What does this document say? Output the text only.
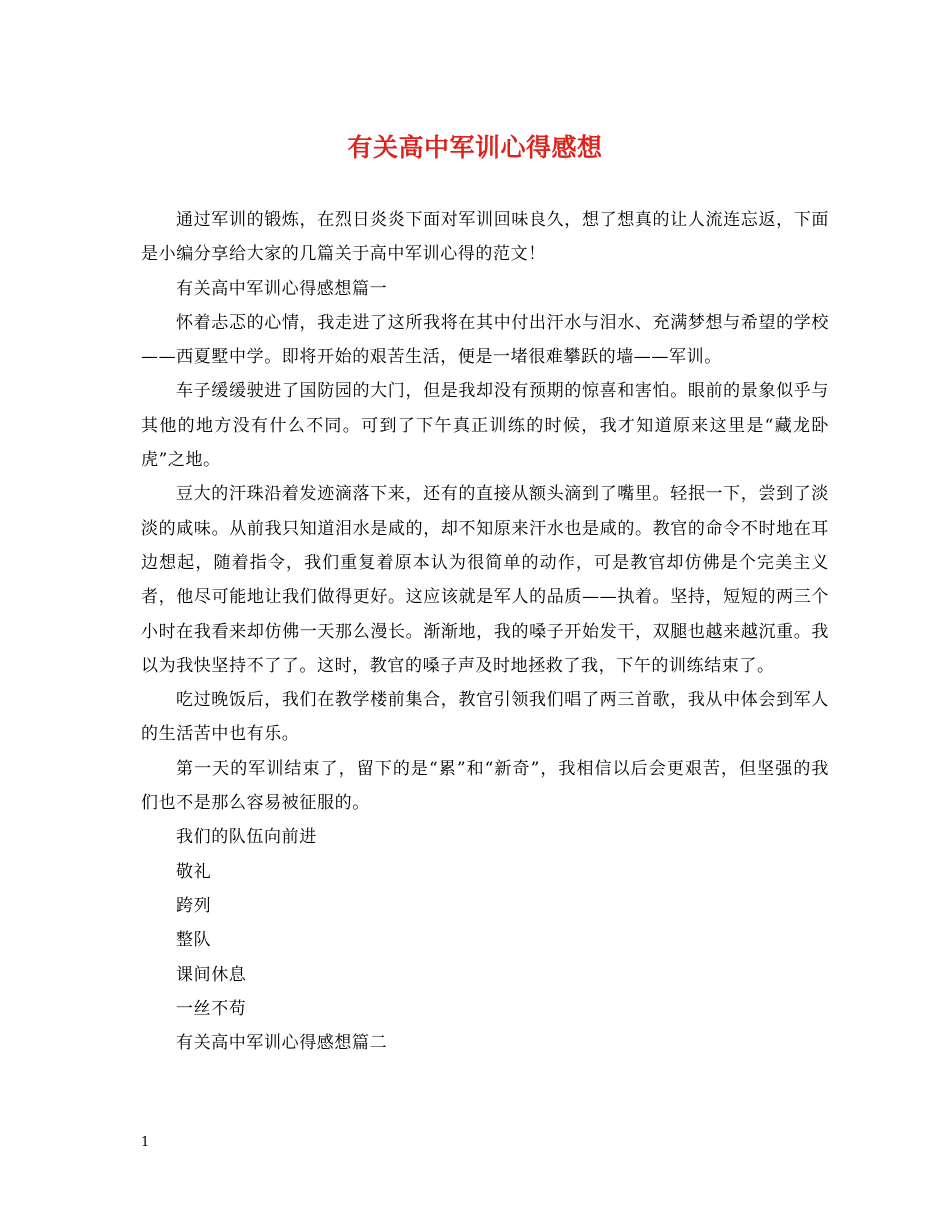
有关高中军训心得感想

通过军训的锻炼，在烈日炎炎下面对军训回味良久，想了想真的让人流连忘返，下面是小编分享给大家的几篇关于高中军训心得的范文！

有关高中军训心得感想篇一

怀着忐忑的心情，我走进了这所我将在其中付出汗水与泪水、充满梦想与希望的学校——西夏墅中学。即将开始的艰苦生活，便是一堵很难攀跃的墙——军训。

车子缓缓驶进了国防园的大门，但是我却没有预期的惊喜和害怕。眼前的景象似乎与其他的地方没有什么不同。可到了下午真正训练的时候，我才知道原来这里是“藏龙卧虎”之地。

豆大的汗珠沿着发迹滴落下来，还有的直接从额头滴到了嘴里。轻抿一下，尝到了淡淡的咸味。从前我只知道泪水是咸的，却不知原来汗水也是咸的。教官的命令不时地在耳边想起，随着指令，我们重复着原本认为很简单的动作，可是教官却仿佛是个完美主义者，他尽可能地让我们做得更好。这应该就是军人的品质——执着。坚持，短短的两三个小时在我看来却仿佛一天那么漫长。渐渐地，我的嗓子开始发干，双腿也越来越沉重。我以为我快坚持不了了。这时，教官的嗓子声及时地拯救了我，下午的训练结束了。

吃过晚饭后，我们在教学楼前集合，教官引领我们唱了两三首歌，我从中体会到军人的生活苦中也有乐。

第一天的军训结束了，留下的是“累”和“新奇”，我相信以后会更艰苦，但坚强的我们也不是那么容易被征服的。

我们的队伍向前进

敬礼

跨列

整队

课间休息

一丝不苟

有关高中军训心得感想篇二

1
